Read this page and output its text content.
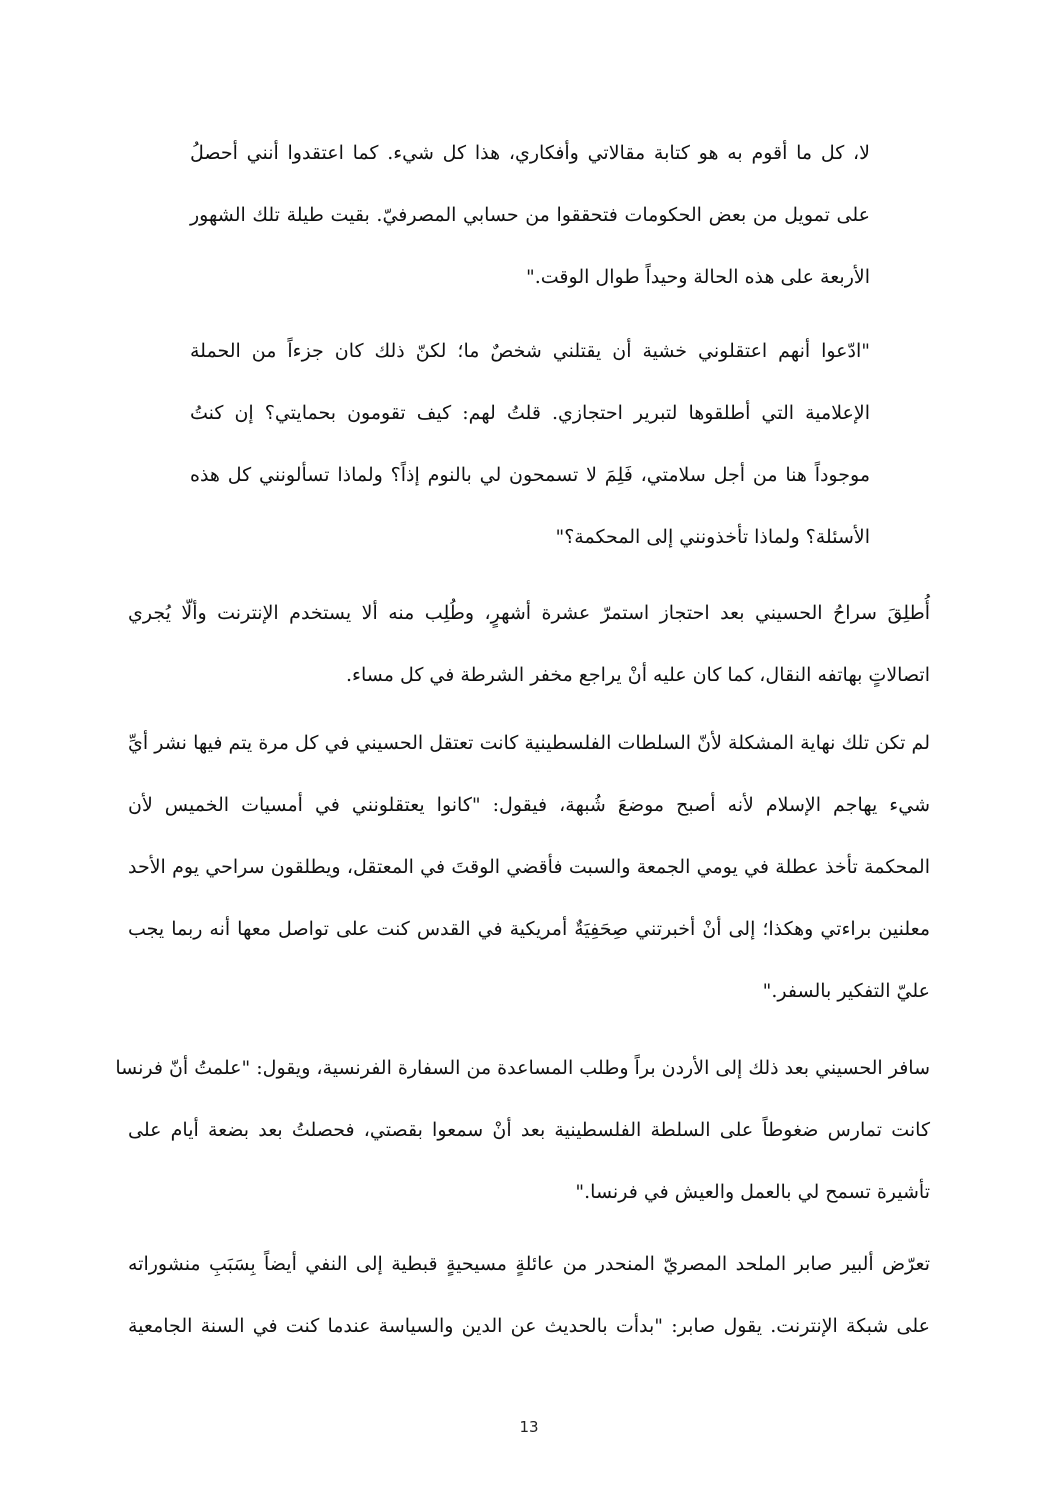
لا، كل ما أقوم به هو كتابة مقالاتي وأفكاري، هذا كل شيء. كما اعتقدوا أنني أحصلُ
على تمويل من بعض الحكومات فتحققوا من حسابي المصرفيّ. بقيت طيلة تلك الشهور
الأربعة على هذه الحالة وحيداً طوال الوقت."
"ادّعوا أنهم اعتقلوني خشية أن يقتلني شخصٌ ما؛ لكنّ ذلك كان جزءاً من الحملة
الإعلامية التي أطلقوها لتبرير احتجازي. قلتُ لهم: كيف تقومون بحمايتي؟ إن كنتُ
موجوداً هنا من أجل سلامتي، فَلِمَ لا تسمحون لي بالنوم إذاً؟ ولماذا تسألونني كل هذه
الأسئلة؟ ولماذا تأخذونني إلى المحكمة؟"
أُطلِقَ سراحُ الحسيني بعد احتجاز استمرّ عشرة أشهرٍ، وطُلِب منه ألا يستخدم الإنترنت وألّا يُجري
اتصالاتٍ بهاتفه النقال، كما كان عليه أنْ يراجع مخفر الشرطة في كل مساء.
لم تكن تلك نهاية المشكلة لأنّ السلطات الفلسطينية كانت تعتقل الحسيني في كل مرة يتم فيها نشر أيِّ
شيء يهاجم الإسلام لأنه أصبح موضعَ شُبهة، فيقول: "كانوا يعتقلونني في أمسيات الخميس لأن
المحكمة تأخذ عطلة في يومي الجمعة والسبت فأقضي الوقتَ في المعتقل، ويطلقون سراحي يوم الأحد
معلنين براءتي وهكذا؛ إلى أنْ أخبرتني صِحَفِيَةٌ أمريكية في القدس كنت على تواصل معها أنه ربما يجب
عليّ التفكير بالسفر."
سافر الحسيني بعد ذلك إلى الأردن براً وطلب المساعدة من السفارة الفرنسية، ويقول: "علمتُ أنّ فرنسا
كانت تمارس ضغوطاً على السلطة الفلسطينية بعد أنْ سمعوا بقصتي، فحصلتُ بعد بضعة أيام على
تأشيرة تسمح لي بالعمل والعيش في فرنسا."
تعرّض ألبير صابر الملحد المصريّ المنحدر من عائلةٍ مسيحيةٍ قبطية إلى النفي أيضاً بِسَبَبِ منشوراته
على شبكة الإنترنت. يقول صابر: "بدأت بالحديث عن الدين والسياسة عندما كنت في السنة الجامعية
13
